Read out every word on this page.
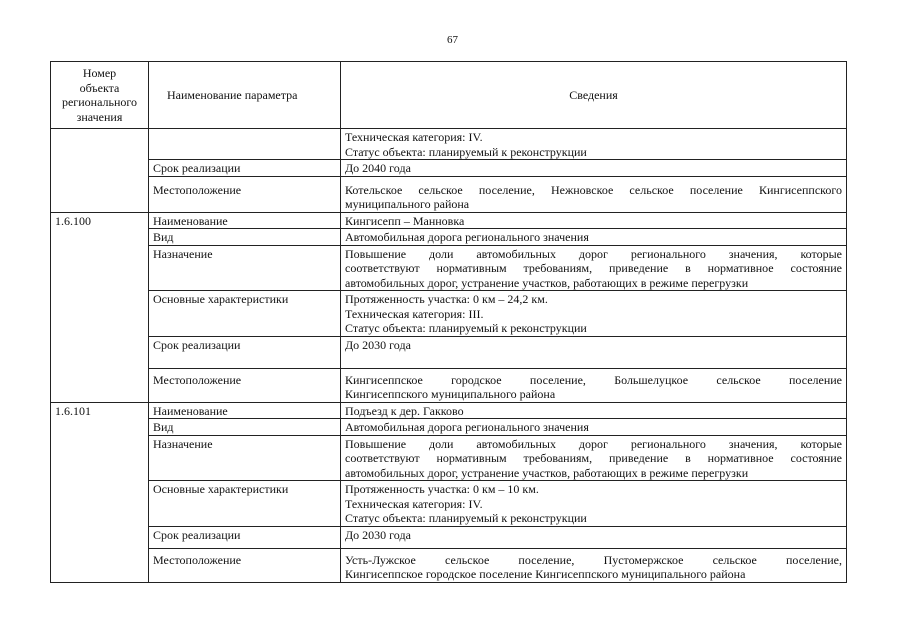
67
Номер
объекта
регионального
значения	Наименование параметра	Сведения

		Техническая категория: IV.
Статус объекта: планируемый к реконструкции

	Срок реализации	До 2040 года

	Местоположение	Котельское сельское поселение, Нежновское сельское поселение Кингисеппского
муниципального района

1.6.100	Наименование	Кингисепп – Манновка

	Вид	Автомобильная дорога регионального значения

	Назначение	Повышение доли автомобильных дорог регионального значения, которые
соответствуют нормативным требованиям, приведение в нормативное состояние
автомобильных дорог, устранение участков, работающих в режиме перегрузки

	Основные характеристики	Протяженность участка: 0 км – 24,2 км.
Техническая категория: III.
Статус объекта: планируемый к реконструкции

	Срок реализации	До 2030 года

	Местоположение	Кингисеппское городское поселение, Большелуцкое сельское поселение
Кингисеппского муниципального района

1.6.101	Наименование	Подъезд к дер. Гакково

	Вид	Автомобильная дорога регионального значения

	Назначение	Повышение доли автомобильных дорог регионального значения, которые
соответствуют нормативным требованиям, приведение в нормативное состояние
автомобильных дорог, устранение участков, работающих в режиме перегрузки

	Основные характеристики	Протяженность участка: 0 км – 10 км.
Техническая категория: IV.
Статус объекта: планируемый к реконструкции

	Срок реализации	До 2030 года

	Местоположение	Усть-Лужское сельское поселение, Пустомержское сельское поселение,
Кингисеппское городское поселение Кингисеппского муниципального района
